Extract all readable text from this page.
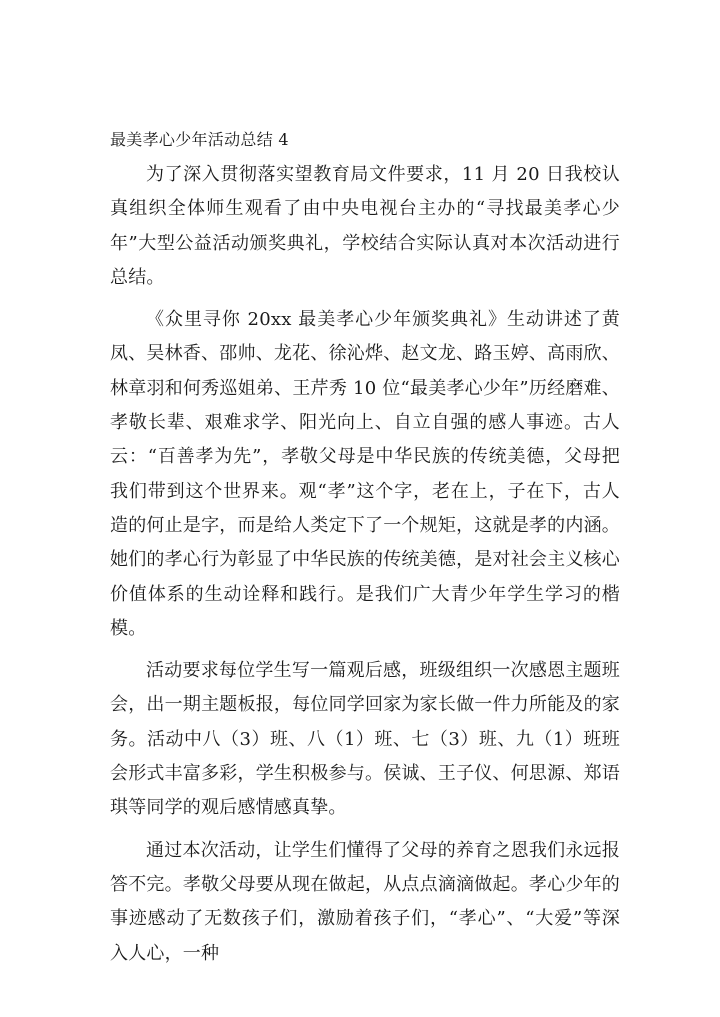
最美孝心少年活动总结 4

为了深入贯彻落实望教育局文件要求，11 月 20 日我校认真组织全体师生观看了由中央电视台主办的“寻找最美孝心少年”大型公益活动颁奖典礼，学校结合实际认真对本次活动进行总结。

《众里寻你 20xx 最美孝心少年颁奖典礼》生动讲述了黄凤、吴林香、邵帅、龙花、徐沁烨、赵文龙、路玉婷、高雨欣、林章羽和何秀巡姐弟、王芹秀 10 位“最美孝心少年”历经磨难、孝敬长辈、艰难求学、阳光向上、自立自强的感人事迹。古人云：“百善孝为先”，孝敬父母是中华民族的传统美德，父母把我们带到这个世界来。观“孝”这个字，老在上，子在下，古人造的何止是字，而是给人类定下了一个规矩，这就是孝的内涵。她们的孝心行为彰显了中华民族的传统美德，是对社会主义核心价值体系的生动诠释和践行。是我们广大青少年学生学习的楷模。

活动要求每位学生写一篇观后感，班级组织一次感恩主题班会，出一期主题板报，每位同学回家为家长做一件力所能及的家务。活动中八（3）班、八（1）班、七（3）班、九（1）班班会形式丰富多彩，学生积极参与。侯诚、王子仪、何思源、郑语琪等同学的观后感情感真挚。

通过本次活动，让学生们懂得了父母的养育之恩我们永远报答不完。孝敬父母要从现在做起，从点点滴滴做起。孝心少年的事迹感动了无数孩子们，激励着孩子们，“孝心”、“大爱”等深入人心，一种
